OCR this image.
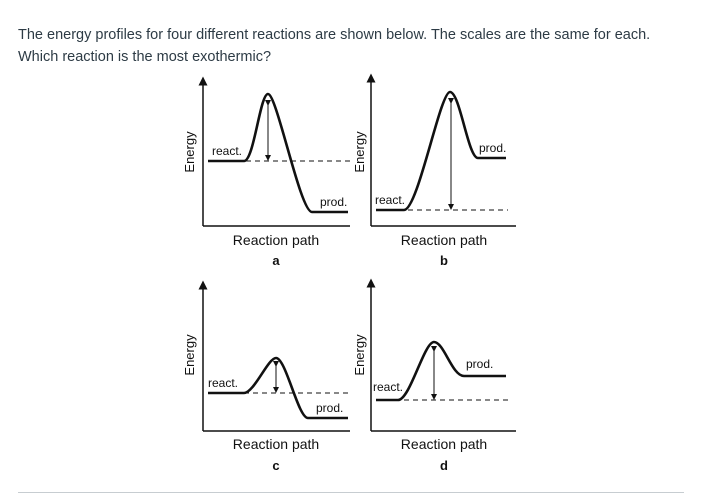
The energy profiles for four different reactions are shown below. The scales are the same for each. Which reaction is the most exothermic?
Energy react.
prod.
Reaction path
a
Energy
react.
prod.
Reaction path
b
Energy
react.
prod.
Reaction path
c
Energy
react.
prod.
Reaction path
d
